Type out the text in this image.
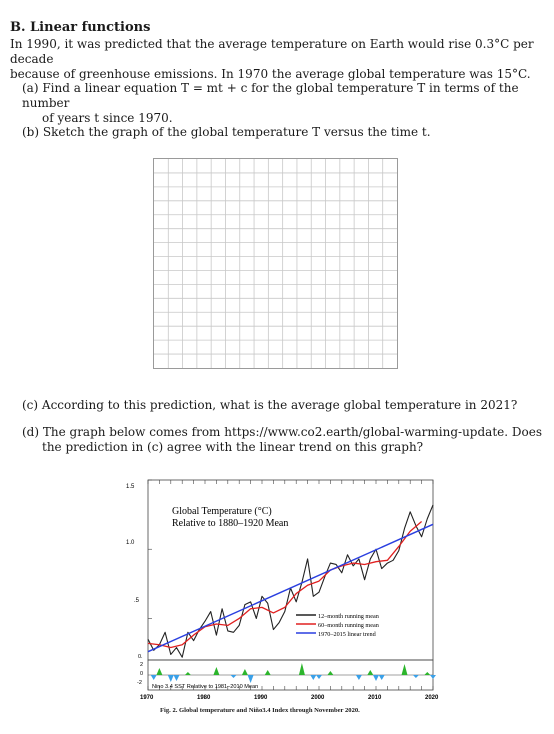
B. Linear functions
In 1990, it was predicted that the average temperature on Earth would rise 0.3°C per decade
because of greenhouse emissions. In 1970 the average global temperature was 15°C.
(a) Find a linear equation T = mt + c for the global temperature T in terms of the number
of years t since 1970.
(b) Sketch the graph of the global temperature T versus the time t.
(c) According to this prediction, what is the average global temperature in 2021?
(d) The graph below comes from https://www.co2.earth/global-warming-update. Does
the prediction in (c) agree with the linear trend on this graph?
Global Temperature (°C)
Relative to 1880–1920 Mean
1.5
1.0
.5
0.
2
0
-2
Nino 3.4 SST Relative to 1981–2010 Mean
1970	1980	1990	2000	2010	2020
12–month running mean
60–month running mean
1970–2015 linear trend
Fig. 2. Global temperature and Niño3.4 Index through November 2020.
